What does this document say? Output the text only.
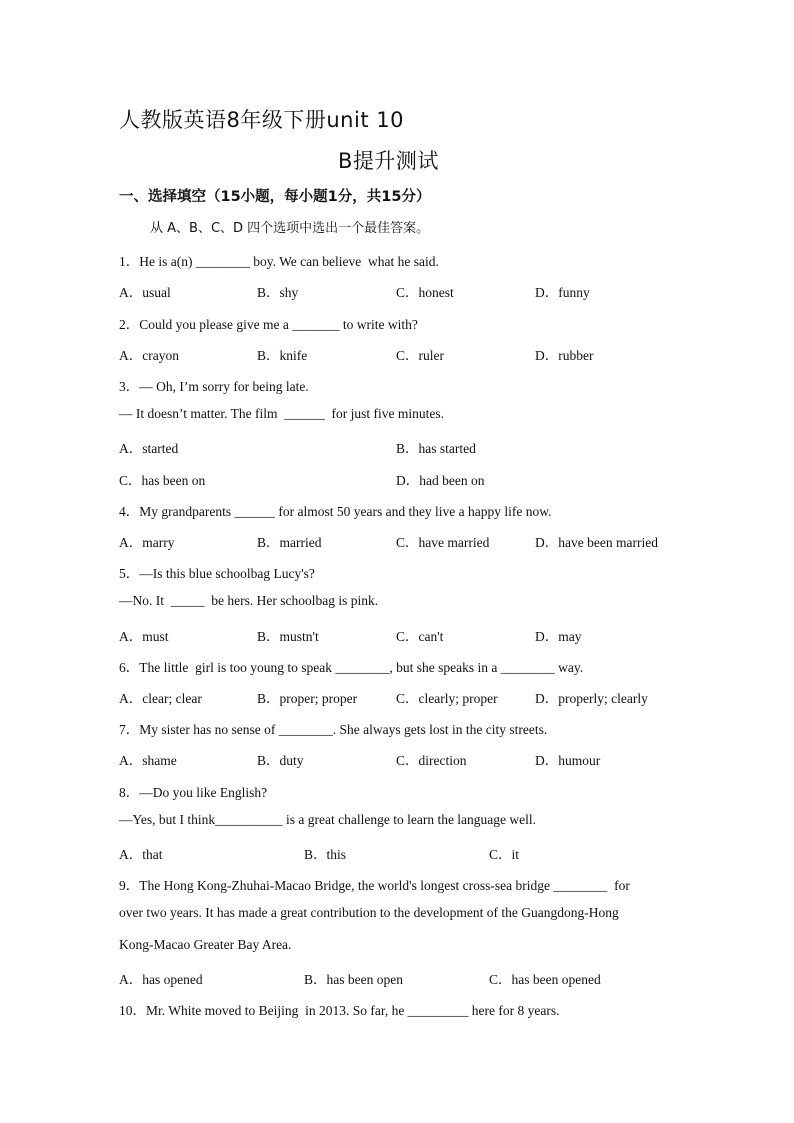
人教版英语8年级下册unit 10
B提升测试
一、选择填空（15小题，每小题1分，共15分）
从 A、B、C、D 四个选项中选出一个最佳答案。
1．He is a(n) ________ boy. We can believe  what he said.
A．usual	B．shy	C．honest	D．funny
2．Could you please give me a _______ to write with?
A．crayon	B．knife	C．ruler	D．rubber
3．— Oh, I’m sorry for being late.
— It doesn’t matter. The film  ______  for just five minutes.
A．started	B．has started
C．has been on	D．had been on
4．My grandparents ______ for almost 50 years and they live a happy life now.
A．marry	B．married	C．have married	D．have been married
5．—Is this blue schoolbag Lucy's?
—No. It  _____  be hers. Her schoolbag is pink.
A．must	B．mustn't	C．can't	D．may
6．The little  girl is too young to speak ________, but she speaks in a ________ way.
A．clear; clear	B．proper; proper	C．clearly; proper	D．properly; clearly
7．My sister has no sense of ________. She always gets lost in the city streets.
A．shame	B．duty	C．direction	D．humour
8．—Do you like English?
—Yes, but I think__________ is a great challenge to learn the language well.
A．that	B．this	C．it
9．The Hong Kong-Zhuhai-Macao Bridge, the world's longest cross-sea bridge ________  for
over two years. It has made a great contribution to the development of the Guangdong-Hong
Kong-Macao Greater Bay Area.
A．has opened	B．has been open	C．has been opened
10．Mr. White moved to Beijing  in 2013. So far, he _________ here for 8 years.
